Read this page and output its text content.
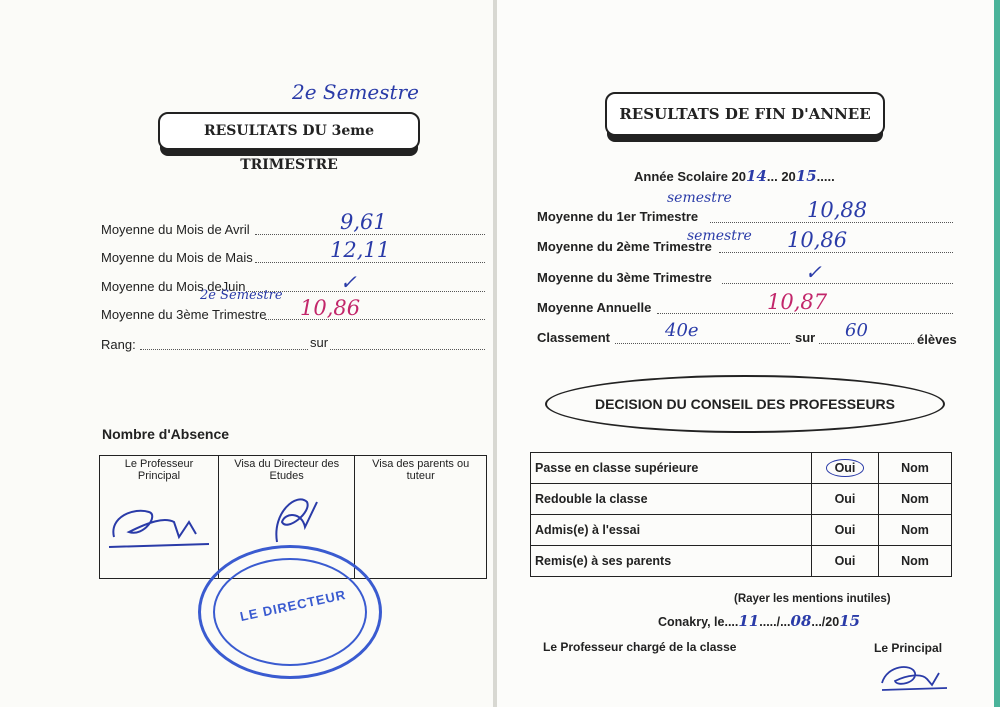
2e Semestre
RESULTATS DU 3eme TRIMESTRE
Moyenne du Mois de Avril	9,61
Moyenne du Mois de Mais	12,11
Moyenne du Mois deJuin	✓
2e Semestre
Moyenne du 3ème Trimestre 10,86
Rang:	sur
Nombre d'Absence
Le Professeur Principal

Visa du Directeur des Etudes

Visa des parents ou tuteur
LE DIRECTEUR
RESULTATS DE FIN D'ANNEE
Année Scolaire 2014... 2015.....
semestre
Moyenne du 1er Trimestre	10,88
semestre
Moyenne du 2ème Trimestre	10,86
Moyenne du 3ème Trimestre	✓
Moyenne Annuelle	10,87
Classement	40e	sur 60	élèves
DECISION DU CONSEIL DES PROFESSEURS
Passe en classe supérieure	Oui	Nom
Redouble la classe	Oui	Nom
Admis(e) à l'essai	Oui	Nom
Remis(e) à ses parents	Oui	Nom
(Rayer les mentions inutiles)
Conakry, le....11...../...08.../2015
Le Professeur chargé de la classe	Le Principal
